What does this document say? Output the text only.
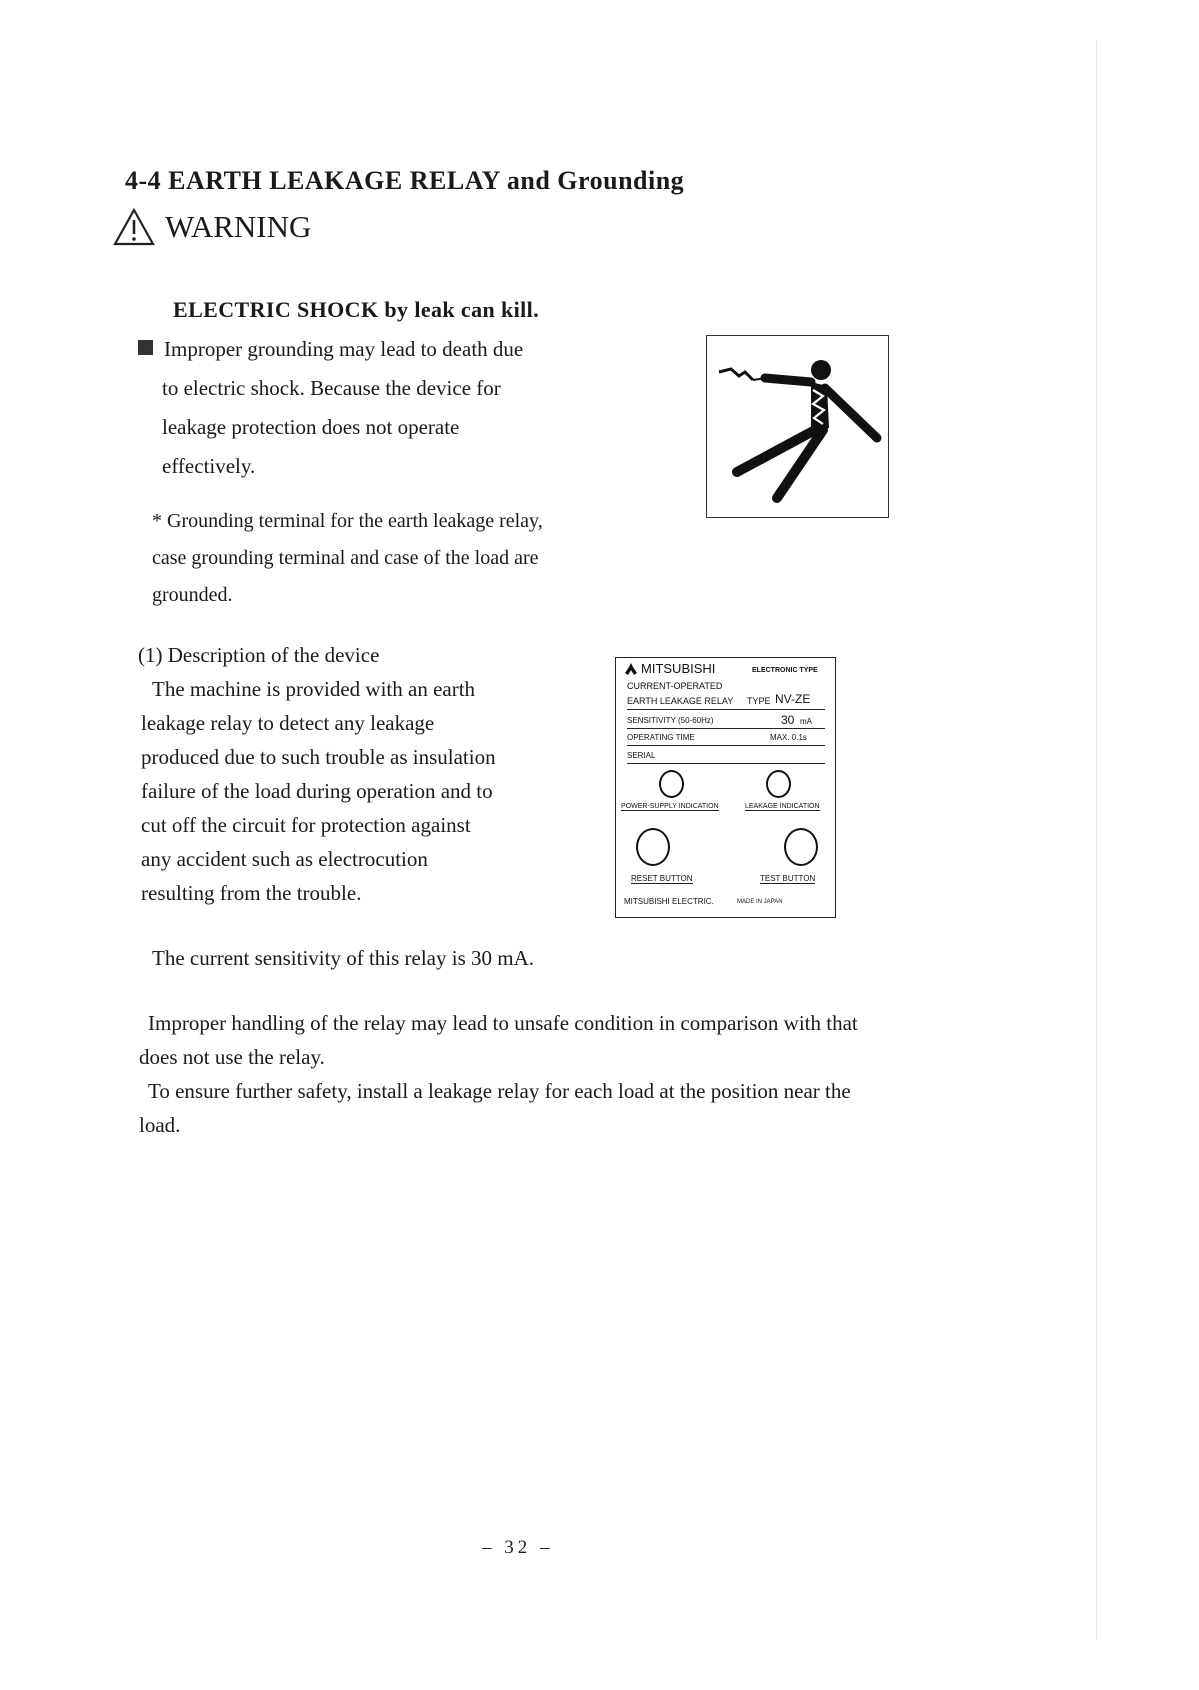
4-4 EARTH LEAKAGE RELAY and Grounding
WARNING
ELECTRIC SHOCK by leak can kill.
Improper grounding may lead to death due
to electric shock. Because the device for
leakage protection does not operate
effectively.
* Grounding terminal for the earth leakage relay,
case grounding terminal and case of the load are
grounded.
(1) Description of the device
The machine is provided with an earth
leakage relay to detect any leakage
produced due to such trouble as insulation
failure of the load during operation and to
cut off the circuit for protection against
any accident such as electrocution
resulting from the trouble.
MITSUBISHI	ELECTRONIC TYPE
CURRENT-OPERATED
EARTH LEAKAGE RELAY TYPE NV-ZE
SENSITIVITY (50-60Hz)	30 mA
OPERATING TIME	MAX. 0.1s
SERIAL
POWER-SUPPLY INDICATION	LEAKAGE INDICATION
RESET BUTTON	TEST BUTTON
MITSUBISHI ELECTRIC.	MADE IN JAPAN
The current sensitivity of this relay is 30 mA.
Improper handling of the relay may lead to unsafe condition in comparison with that
does not use the relay.
To ensure further safety, install a leakage relay for each load at the position near the
load.
– 32 –
